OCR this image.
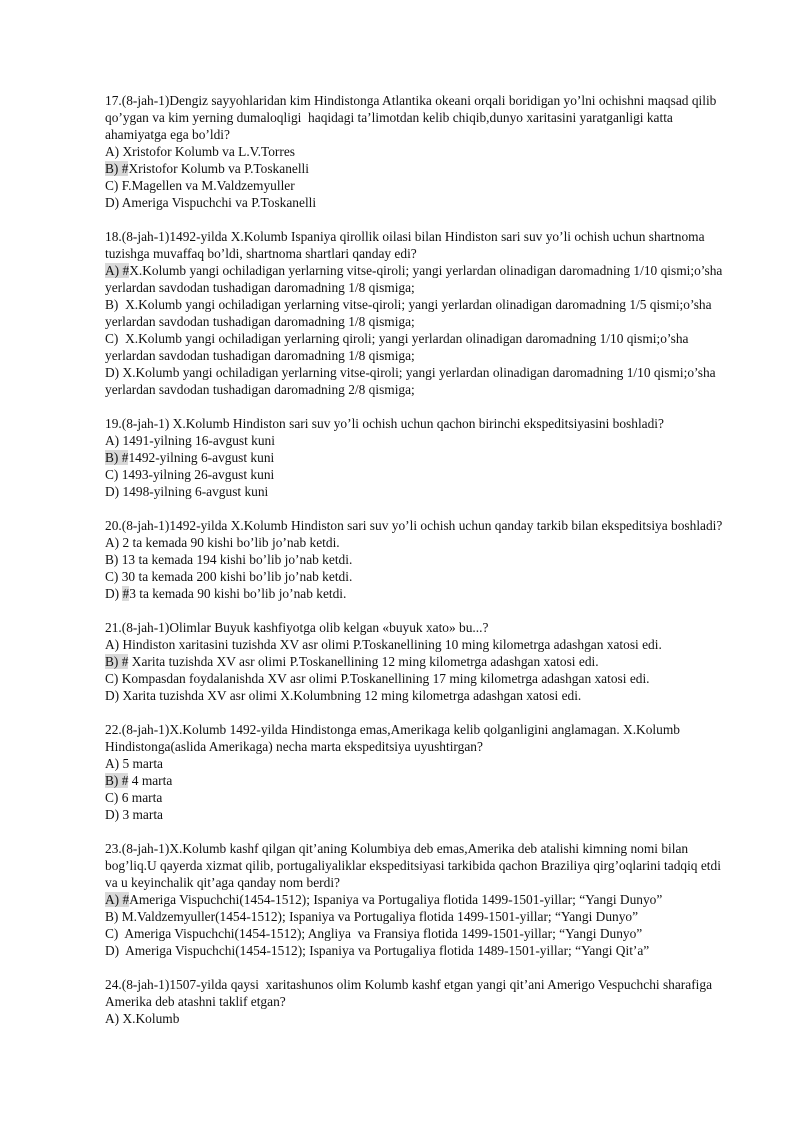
17.(8-jah-1)Dengiz sayyohlaridan kim Hindistonga Atlantika okeani orqali boridigan yo’lni ochishni maqsad qilib qo’ygan va kim yerning dumaloqligi  haqidagi ta’limotdan kelib chiqib,dunyo xaritasini yaratganligi katta ahamiyatga ega bo’ldi?
A) Xristofor Kolumb va L.V.Torres
B) #Xristofor Kolumb va P.Toskanelli
C) F.Magellen va M.Valdzemyuller
D) Ameriga Vispuchchi va P.Toskanelli
18.(8-jah-1)1492-yilda X.Kolumb Ispaniya qirollik oilasi bilan Hindiston sari suv yo’li ochish uchun shartnoma tuzishga muvaffaq bo’ldi, shartnoma shartlari qanday edi?
A) #X.Kolumb yangi ochiladigan yerlarning vitse-qiroli; yangi yerlardan olinadigan daromadning 1/10 qismi;o’sha yerlardan savdodan tushadigan daromadning 1/8 qismiga;
B)  X.Kolumb yangi ochiladigan yerlarning vitse-qiroli; yangi yerlardan olinadigan daromadning 1/5 qismi;o’sha yerlardan savdodan tushadigan daromadning 1/8 qismiga;
C)  X.Kolumb yangi ochiladigan yerlarning qiroli; yangi yerlardan olinadigan daromadning 1/10 qismi;o’sha yerlardan savdodan tushadigan daromadning 1/8 qismiga;
D) X.Kolumb yangi ochiladigan yerlarning vitse-qiroli; yangi yerlardan olinadigan daromadning 1/10 qismi;o’sha yerlardan savdodan tushadigan daromadning 2/8 qismiga;
19.(8-jah-1) X.Kolumb Hindiston sari suv yo’li ochish uchun qachon birinchi ekspeditsiyasini boshladi?
A) 1491-yilning 16-avgust kuni
B) #1492-yilning 6-avgust kuni
C) 1493-yilning 26-avgust kuni
D) 1498-yilning 6-avgust kuni
20.(8-jah-1)1492-yilda X.Kolumb Hindiston sari suv yo’li ochish uchun qanday tarkib bilan ekspeditsiya boshladi?
A) 2 ta kemada 90 kishi bo’lib jo’nab ketdi.
B) 13 ta kemada 194 kishi bo’lib jo’nab ketdi.
C) 30 ta kemada 200 kishi bo’lib jo’nab ketdi.
D) #3 ta kemada 90 kishi bo’lib jo’nab ketdi.
21.(8-jah-1)Olimlar Buyuk kashfiyotga olib kelgan «buyuk xato» bu...?
A) Hindiston xaritasini tuzishda XV asr olimi P.Toskanellining 10 ming kilometrga adashgan xatosi edi.
B) # Xarita tuzishda XV asr olimi P.Toskanellining 12 ming kilometrga adashgan xatosi edi.
C) Kompasdan foydalanishda XV asr olimi P.Toskanellining 17 ming kilometrga adashgan xatosi edi.
D) Xarita tuzishda XV asr olimi X.Kolumbning 12 ming kilometrga adashgan xatosi edi.
22.(8-jah-1)X.Kolumb 1492-yilda Hindistonga emas,Amerikaga kelib qolganligini anglamagan. X.Kolumb Hindistonga(aslida Amerikaga) necha marta ekspeditsiya uyushtirgan?
A) 5 marta
B) # 4 marta
C) 6 marta
D) 3 marta
23.(8-jah-1)X.Kolumb kashf qilgan qit’aning Kolumbiya deb emas,Amerika deb atalishi kimning nomi bilan bog’liq.U qayerda xizmat qilib, portugaliyaliklar ekspeditsiyasi tarkibida qachon Braziliya qirg’oqlarini tadqiq etdi va u keyinchalik qit’aga qanday nom berdi?
A) #Ameriga Vispuchchi(1454-1512); Ispaniya va Portugaliya flotida 1499-1501-yillar; “Yangi Dunyo”
B) M.Valdzemyuller(1454-1512); Ispaniya va Portugaliya flotida 1499-1501-yillar; “Yangi Dunyo”
C)  Ameriga Vispuchchi(1454-1512); Angliya  va Fransiya flotida 1499-1501-yillar; “Yangi Dunyo”
D)  Ameriga Vispuchchi(1454-1512); Ispaniya va Portugaliya flotida 1489-1501-yillar; “Yangi Qit’a”
24.(8-jah-1)1507-yilda qaysi  xaritashunos olim Kolumb kashf etgan yangi qit’ani Amerigo Vespuchchi sharafiga Amerika deb atashni taklif etgan?
A) X.Kolumb
